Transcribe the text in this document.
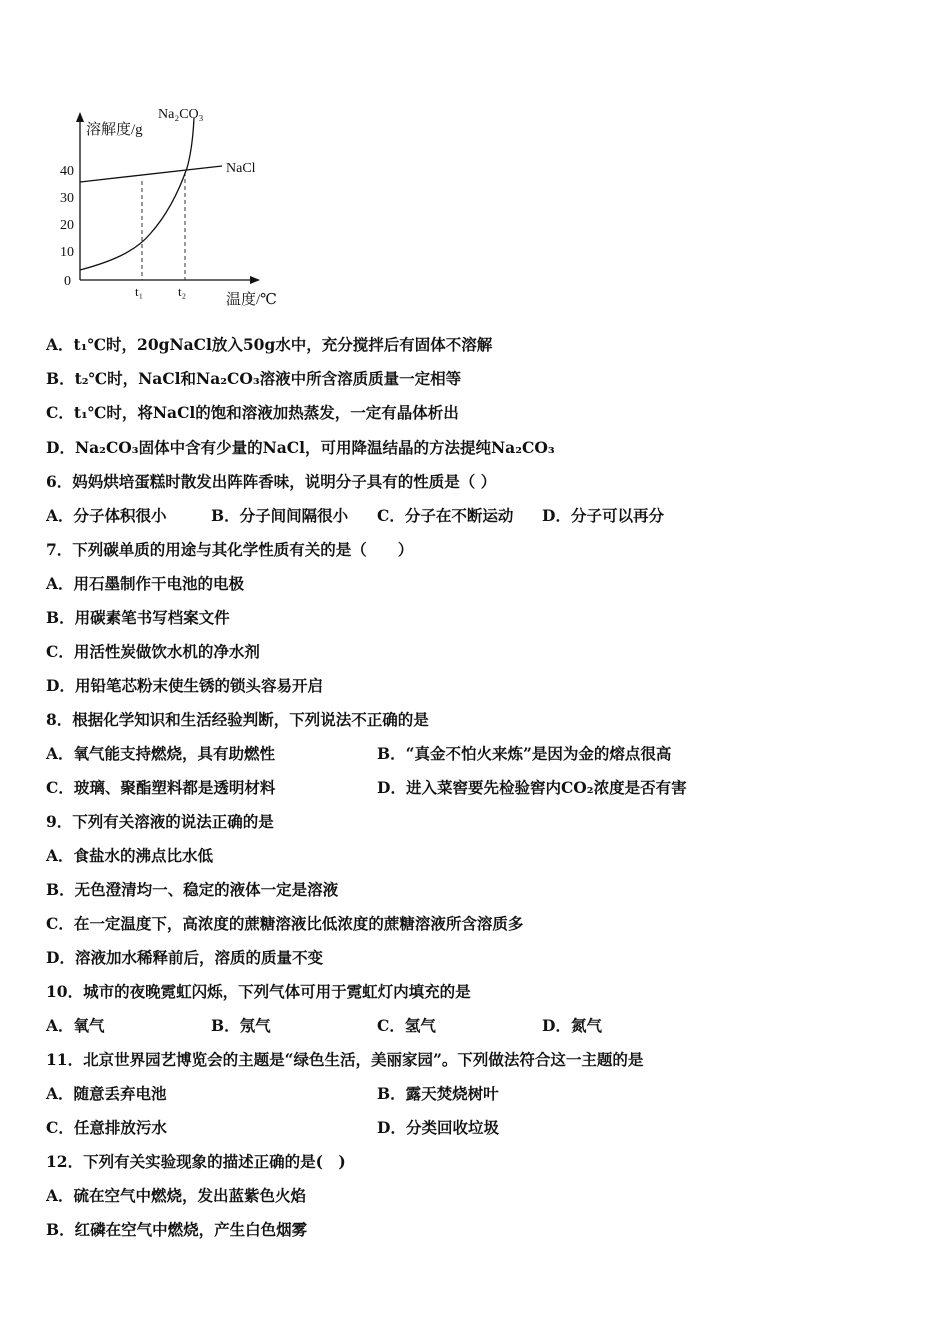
40
30
20
10
0
溶解度/g
温度/℃
t₁	t₂
NaCl
Na₂CO₃
A．t₁℃时，20gNaCl放入50g水中，充分搅拌后有固体不溶解
B．t₂℃时，NaCl和Na₂CO₃溶液中所含溶质质量一定相等
C．t₁℃时，将NaCl的饱和溶液加热蒸发，一定有晶体析出
D．Na₂CO₃固体中含有少量的NaCl，可用降温结晶的方法提纯Na₂CO₃
6．妈妈烘培蛋糕时散发出阵阵香味，说明分子具有的性质是（ ）
A．分子体积很小	B．分子间间隔很小 C．分子在不断运动 D．分子可以再分
7．下列碳单质的用途与其化学性质有关的是（　　）
A．用石墨制作干电池的电极
B．用碳素笔书写档案文件
C．用活性炭做饮水机的净水剂
D．用铅笔芯粉末使生锈的锁头容易开启
8．根据化学知识和生活经验判断，下列说法不正确的是
A．氧气能支持燃烧，具有助燃性	B．“真金不怕火来炼”是因为金的熔点很高
C．玻璃、聚酯塑料都是透明材料	D．进入菜窖要先检验窖内CO₂浓度是否有害
9．下列有关溶液的说法正确的是
A．食盐水的沸点比水低
B．无色澄清均一、稳定的液体一定是溶液
C．在一定温度下，高浓度的蔗糖溶液比低浓度的蔗糖溶液所含溶质多
D．溶液加水稀释前后，溶质的质量不变
10．城市的夜晚霓虹闪烁，下列气体可用于霓虹灯内填充的是
A．氧气	B．氖气	C．氢气	D．氮气
11．北京世界园艺博览会的主题是“绿色生活，美丽家园”。下列做法符合这一主题的是
A．随意丢弃电池	B．露天焚烧树叶
C．任意排放污水	D．分类回收垃圾
12．下列有关实验现象的描述正确的是(　)
A．硫在空气中燃烧，发出蓝紫色火焰
B．红磷在空气中燃烧，产生白色烟雾
